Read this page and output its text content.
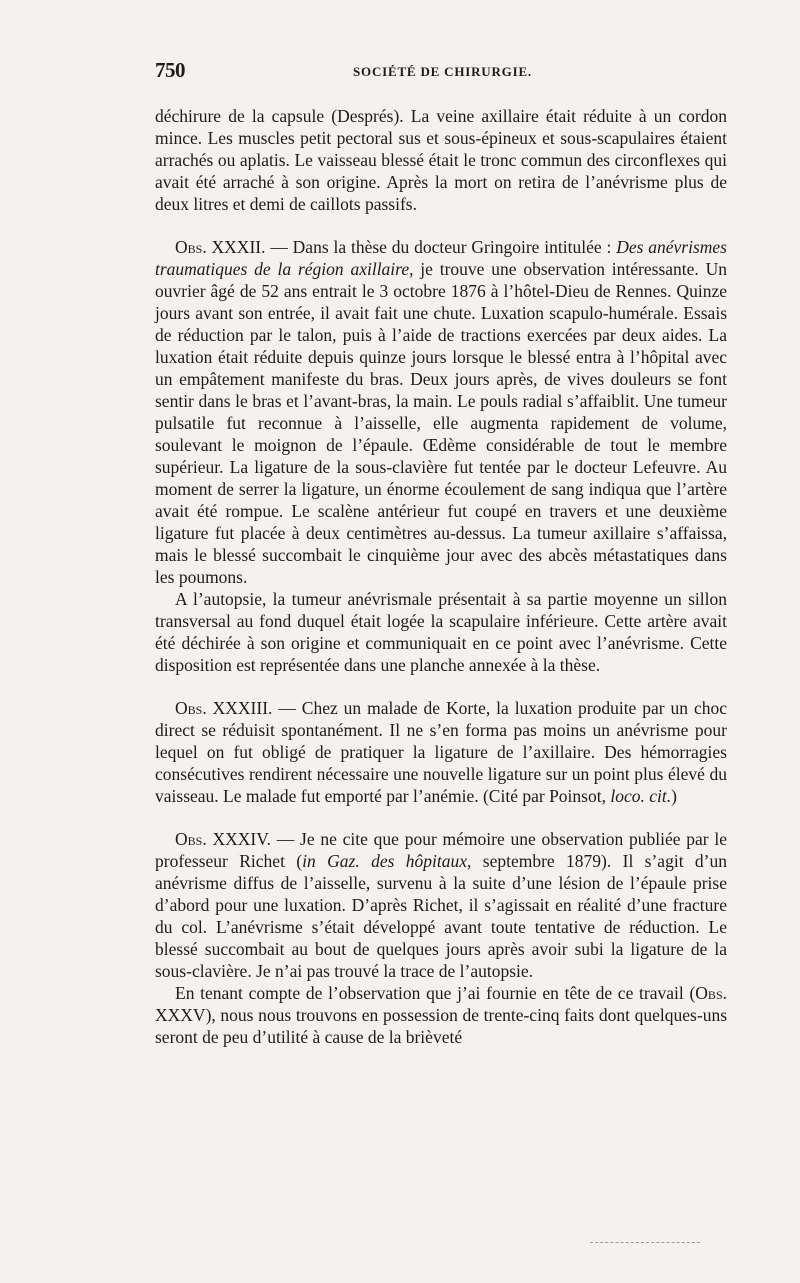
750	SOCIÉTÉ DE CHIRURGIE.

déchirure de la capsule (Després). La veine axillaire était réduite à un cordon mince. Les muscles petit pectoral sus et sous-épineux et sous-scapulaires étaient arrachés ou aplatis. Le vaisseau blessé était le tronc commun des circonflexes qui avait été arraché à son origine. Après la mort on retira de l’anévrisme plus de deux litres et demi de caillots passifs.

Obs. XXXII. — Dans la thèse du docteur Gringoire intitulée : Des anévrismes traumatiques de la région axillaire, je trouve une observation intéressante. Un ouvrier âgé de 52 ans entrait le 3 octobre 1876 à l’hôtel-Dieu de Rennes. Quinze jours avant son entrée, il avait fait une chute. Luxation scapulo-humérale. Essais de réduction par le talon, puis à l’aide de tractions exercées par deux aides. La luxation était réduite depuis quinze jours lorsque le blessé entra à l’hôpital avec un empâtement manifeste du bras. Deux jours après, de vives douleurs se font sentir dans le bras et l’avant-bras, la main. Le pouls radial s’affaiblit. Une tumeur pulsatile fut reconnue à l’aisselle, elle augmenta rapidement de volume, soulevant le moignon de l’épaule. Œdème considérable de tout le membre supérieur. La ligature de la sous-clavière fut tentée par le docteur Lefeuvre. Au moment de serrer la ligature, un énorme écoulement de sang indiqua que l’artère avait été rompue. Le scalène antérieur fut coupé en travers et une deuxième ligature fut placée à deux centimètres au-dessus. La tumeur axillaire s’affaissa, mais le blessé succombait le cinquième jour avec des abcès métastatiques dans les poumons.

A l’autopsie, la tumeur anévrismale présentait à sa partie moyenne un sillon transversal au fond duquel était logée la scapulaire inférieure. Cette artère avait été déchirée à son origine et communiquait en ce point avec l’anévrisme. Cette disposition est représentée dans une planche annexée à la thèse.

Obs. XXXIII. — Chez un malade de Korte, la luxation produite par un choc direct se réduisit spontanément. Il ne s’en forma pas moins un anévrisme pour lequel on fut obligé de pratiquer la ligature de l’axillaire. Des hémorragies consécutives rendirent nécessaire une nouvelle ligature sur un point plus élevé du vaisseau. Le malade fut emporté par l’anémie. (Cité par Poinsot, loco. cit.)

Obs. XXXIV. — Je ne cite que pour mémoire une observation publiée par le professeur Richet (in Gaz. des hôpitaux, septembre 1879). Il s’agit d’un anévrisme diffus de l’aisselle, survenu à la suite d’une lésion de l’épaule prise d’abord pour une luxation. D’après Richet, il s’agissait en réalité d’une fracture du col. L’anévrisme s’était développé avant toute tentative de réduction. Le blessé succombait au bout de quelques jours après avoir subi la ligature de la sous-clavière. Je n’ai pas trouvé la trace de l’autopsie.

En tenant compte de l’observation que j’ai fournie en tête de ce travail (Obs. XXXV), nous nous trouvons en possession de trente-cinq faits dont quelques-uns seront de peu d’utilité à cause de la brièveté
